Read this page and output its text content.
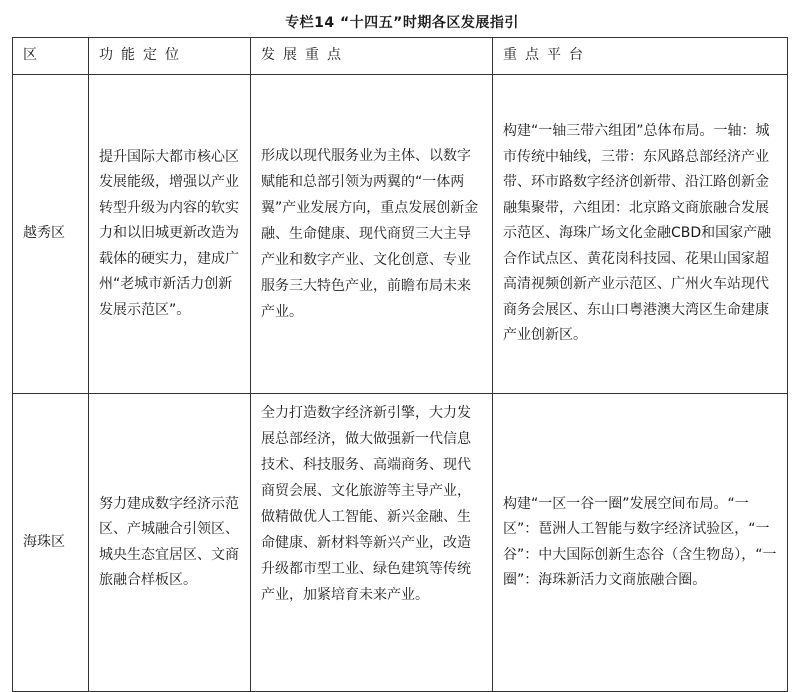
专栏14 “十四五”时期各区发展指引
区	功能定位	发展重点	重点平台
越秀区	提升国际大都市核心区发展能级，增强以产业转型升级为内容的软实力和以旧城更新改造为载体的硬实力，建成广州“老城市新活力创新发展示范区”。	形成以现代服务业为主体、以数字赋能和总部引领为两翼的“一体两翼”产业发展方向，重点发展创新金融、生命健康、现代商贸三大主导产业和数字产业、文化创意、专业服务三大特色产业，前瞻布局未来产业。	构建“一轴三带六组团”总体布局。一轴：城市传统中轴线，三带：东风路总部经济产业带、环市路数字经济创新带、沿江路创新金融集聚带，六组团：北京路文商旅融合发展示范区、海珠广场文化金融CBD和国家产融合作试点区、黄花岗科技园、花果山国家超高清视频创新产业示范区、广州火车站现代商务会展区、东山口粤港澳大湾区生命建康产业创新区。
海珠区	努力建成数字经济示范区、产城融合引领区、城央生态宜居区、文商旅融合样板区。	全力打造数字经济新引擎，大力发展总部经济，做大做强新一代信息技术、科技服务、高端商务、现代商贸会展、文化旅游等主导产业，做精做优人工智能、新兴金融、生命健康、新材料等新兴产业，改造升级都市型工业、绿色建筑等传统产业，加紧培育未来产业。	构建“一区一谷一圈”发展空间布局。“一区”：琶洲人工智能与数字经济试验区，“一谷”：中大国际创新生态谷（含生物岛），“一圈”：海珠新活力文商旅融合圈。
